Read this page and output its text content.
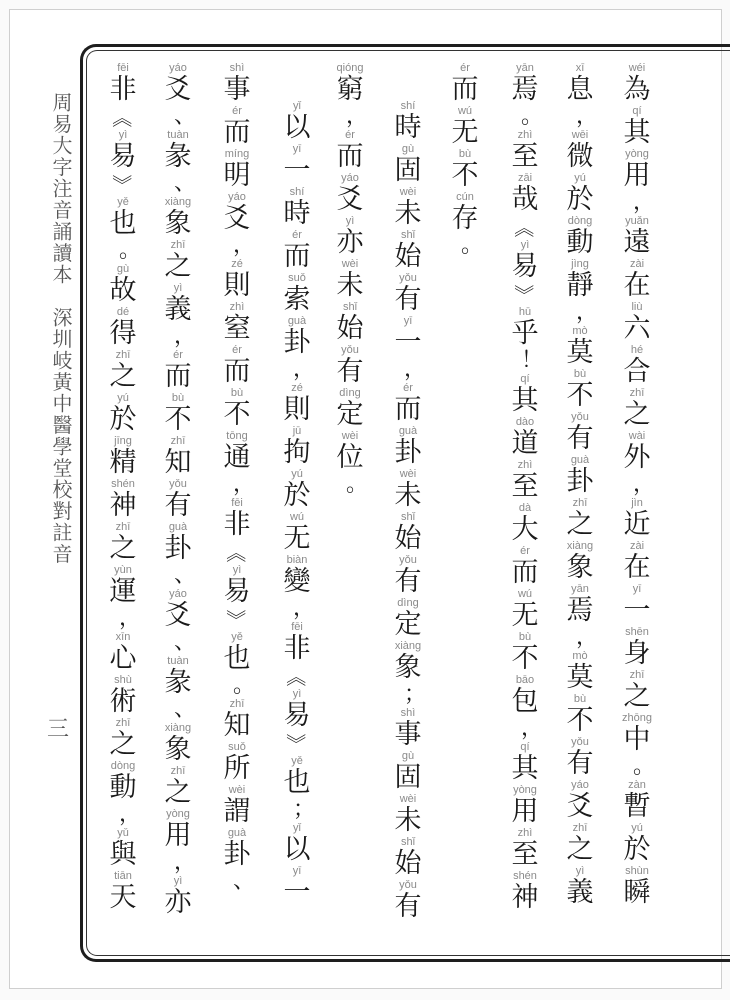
周易大字注音誦讀本　深圳岐黃中醫學堂校對註音
三
wéi
為
qí
其
yòng
用
，
yuǎn
遠
zài
在
liù
六
hé
合
zhī
之
wài
外
，
jìn
近
zài
在
yī
一
shēn
身
zhī
之
zhōng
中
。
zàn
暫
yú
於
shùn
瞬
xī
息
，
wēi
微
yú
於
dòng
動
jìng
靜
，
mò
莫
bù
不
yǒu
有
guà
卦
zhī
之
xiàng
象
yān
焉
，
mò
莫
bù
不
yǒu
有
yáo
爻
zhī
之
yì
義
yān
焉
。
zhì
至
zāi
哉
《
yì
易
》
hū
乎
！
qí
其
dào
道
zhì
至
dà
大
ér
而
wú
无
bù
不
bāo
包
，
qí
其
yòng
用
zhì
至
shén
神
ér
而
wú
无
bù
不
cún
存
。
shí
時
gù
固
wèi
未
shǐ
始
yǒu
有
yī
一
，
ér
而
guà
卦
wèi
未
shǐ
始
yǒu
有
dìng
定
xiàng
象
；
shì
事
gù
固
wèi
未
shǐ
始
yǒu
有
qióng
窮
，
ér
而
yáo
爻
yì
亦
wèi
未
shǐ
始
yǒu
有
dìng
定
wèi
位
。
yǐ
以
yī
一
shí
時
ér
而
suǒ
索
guà
卦
，
zé
則
jū
拘
yú
於
wú
无
biàn
變
，
fēi
非
《
yì
易
》
yě
也
；
yǐ
以
yī
一
shì
事
ér
而
míng
明
yáo
爻
，
zé
則
zhì
窒
ér
而
bù
不
tōng
通
，
fēi
非
《
yì
易
》
yě
也
。
zhī
知
suǒ
所
wèi
謂
guà
卦
、
yáo
爻
、
tuàn
彖
、
xiàng
象
zhī
之
yì
義
，
ér
而
bù
不
zhī
知
yǒu
有
guà
卦
、
yáo
爻
、
tuàn
彖
、
xiàng
象
zhī
之
yòng
用
，
yì
亦
fēi
非
《
yì
易
》
yě
也
。
gù
故
dé
得
zhī
之
yú
於
jīng
精
shén
神
zhī
之
yùn
運
，
xīn
心
shù
術
zhī
之
dòng
動
，
yǔ
與
tiān
天
